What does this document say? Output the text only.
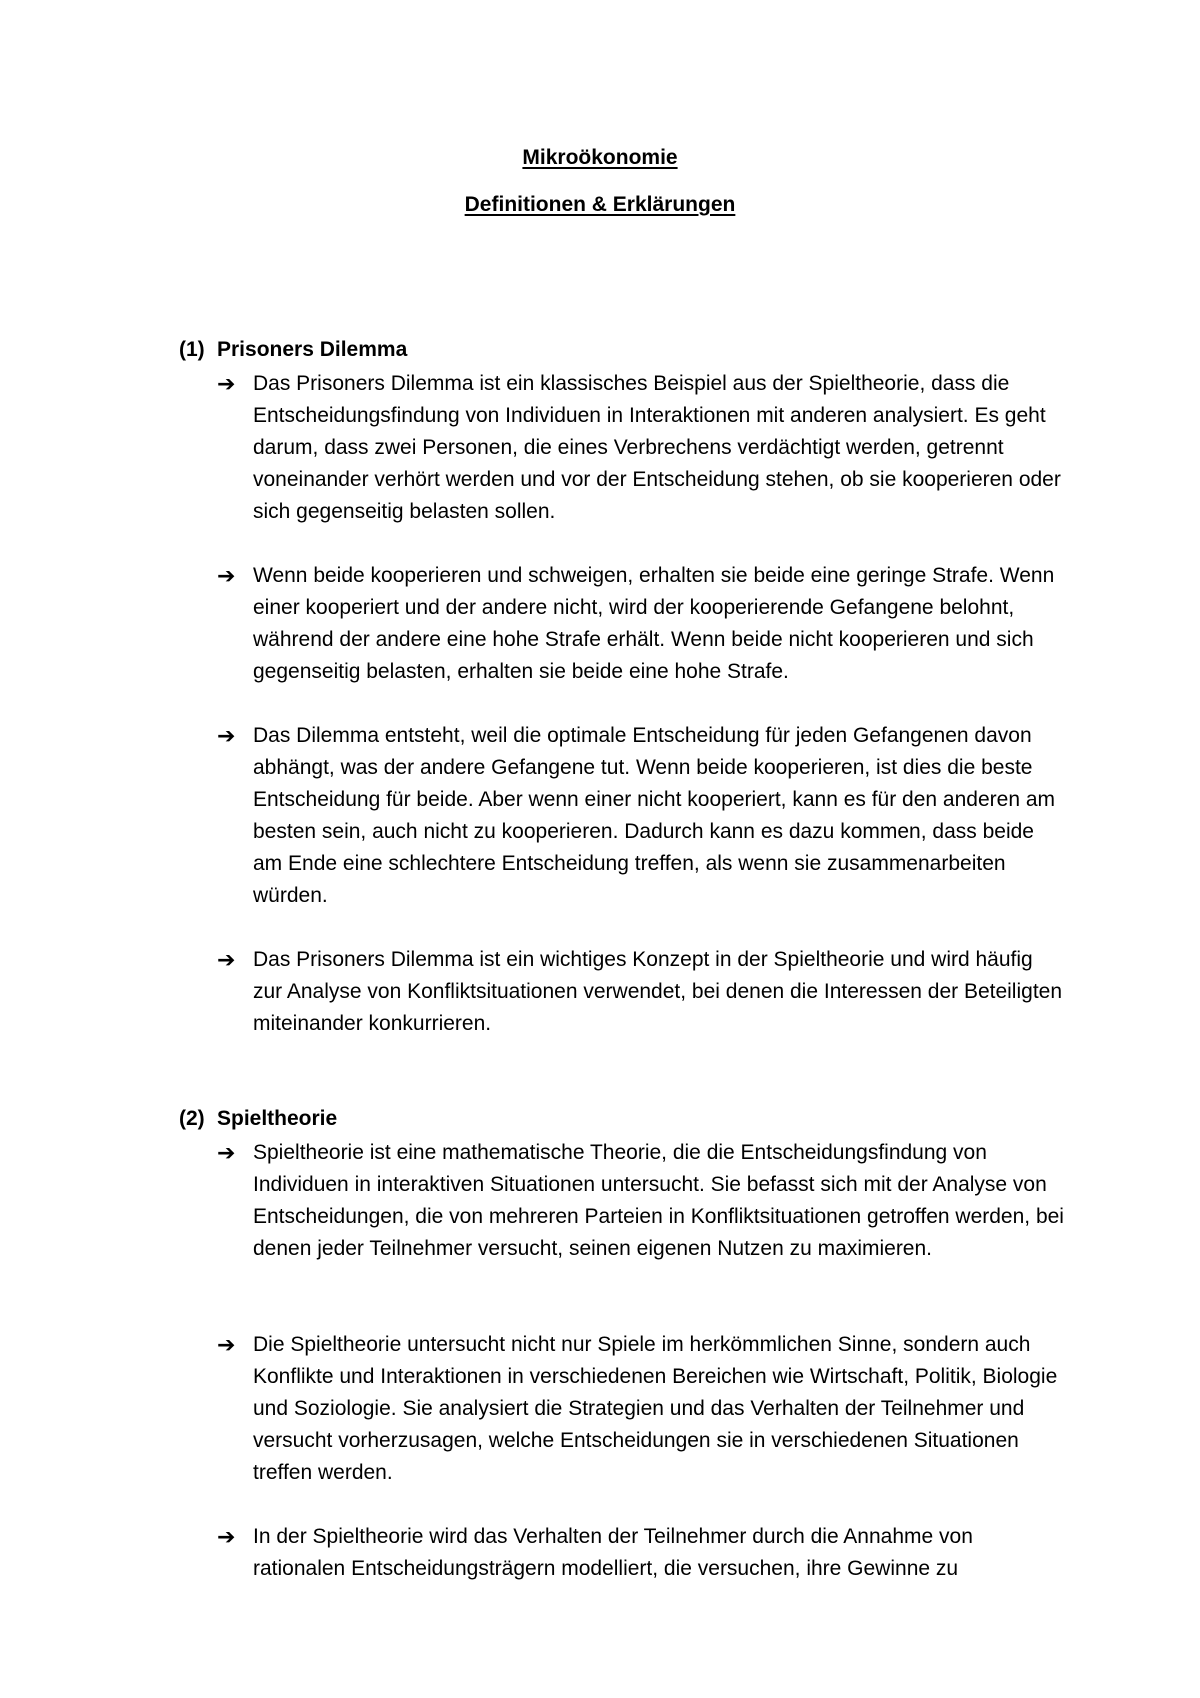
Mikroökonomie
Definitionen & Erklärungen
(1) Prisoners Dilemma
➔ Das Prisoners Dilemma ist ein klassisches Beispiel aus der Spieltheorie, dass die Entscheidungsfindung von Individuen in Interaktionen mit anderen analysiert. Es geht darum, dass zwei Personen, die eines Verbrechens verdächtigt werden, getrennt voneinander verhört werden und vor der Entscheidung stehen, ob sie kooperieren oder sich gegenseitig belasten sollen.
➔ Wenn beide kooperieren und schweigen, erhalten sie beide eine geringe Strafe. Wenn einer kooperiert und der andere nicht, wird der kooperierende Gefangene belohnt, während der andere eine hohe Strafe erhält. Wenn beide nicht kooperieren und sich gegenseitig belasten, erhalten sie beide eine hohe Strafe.
➔ Das Dilemma entsteht, weil die optimale Entscheidung für jeden Gefangenen davon abhängt, was der andere Gefangene tut. Wenn beide kooperieren, ist dies die beste Entscheidung für beide. Aber wenn einer nicht kooperiert, kann es für den anderen am besten sein, auch nicht zu kooperieren. Dadurch kann es dazu kommen, dass beide am Ende eine schlechtere Entscheidung treffen, als wenn sie zusammenarbeiten würden.
➔ Das Prisoners Dilemma ist ein wichtiges Konzept in der Spieltheorie und wird häufig zur Analyse von Konfliktsituationen verwendet, bei denen die Interessen der Beteiligten miteinander konkurrieren.
(2) Spieltheorie
➔ Spieltheorie ist eine mathematische Theorie, die die Entscheidungsfindung von Individuen in interaktiven Situationen untersucht. Sie befasst sich mit der Analyse von Entscheidungen, die von mehreren Parteien in Konfliktsituationen getroffen werden, bei denen jeder Teilnehmer versucht, seinen eigenen Nutzen zu maximieren.
➔ Die Spieltheorie untersucht nicht nur Spiele im herkömmlichen Sinne, sondern auch Konflikte und Interaktionen in verschiedenen Bereichen wie Wirtschaft, Politik, Biologie und Soziologie. Sie analysiert die Strategien und das Verhalten der Teilnehmer und versucht vorherzusagen, welche Entscheidungen sie in verschiedenen Situationen treffen werden.
➔ In der Spieltheorie wird das Verhalten der Teilnehmer durch die Annahme von rationalen Entscheidungsträgern modelliert, die versuchen, ihre Gewinne zu
